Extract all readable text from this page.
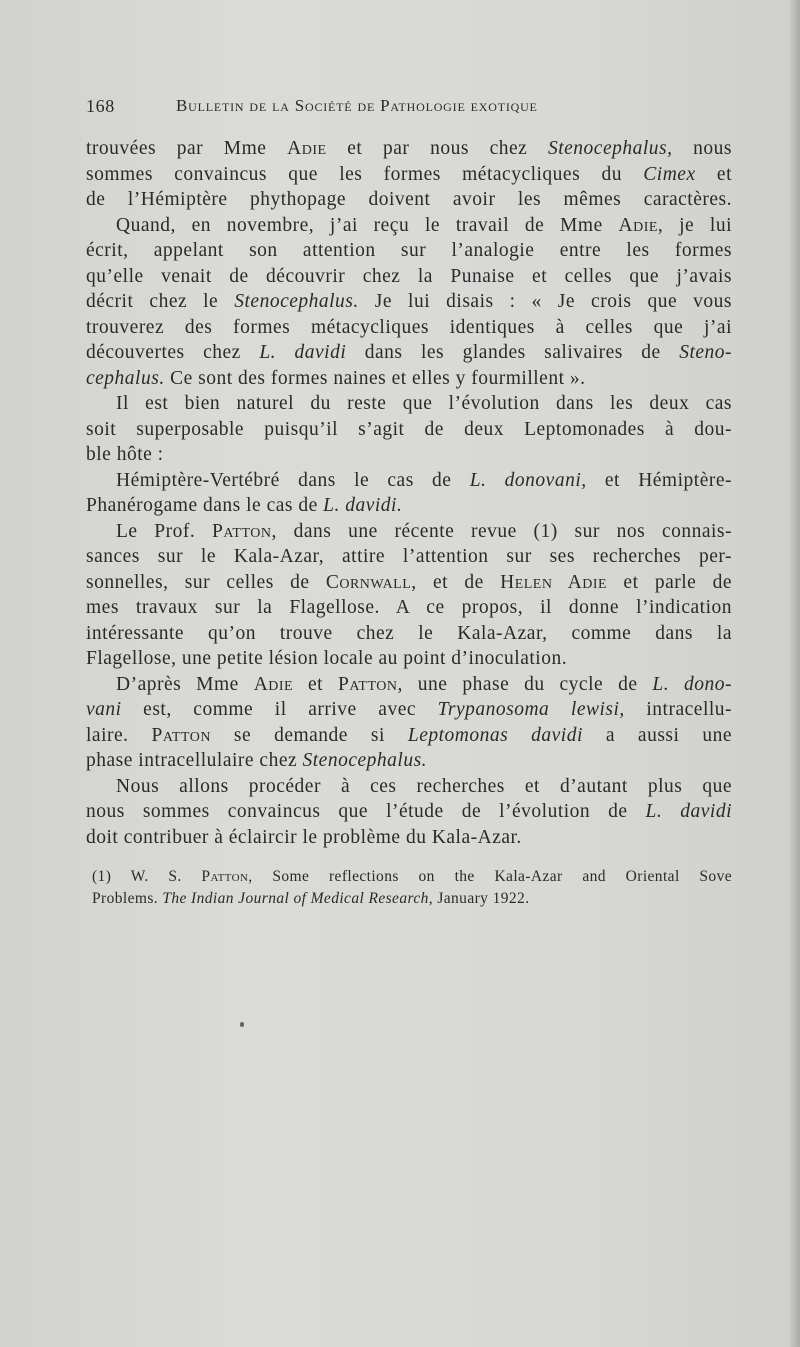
168	Bulletin de la Société de Pathologie exotique
trouvées par Mme Adie et par nous chez Stenocephalus, nous
sommes convaincus que les formes métacycliques du Cimex et
de l’Hémiptère phythopage doivent avoir les mêmes caractères.
Quand, en novembre, j’ai reçu le travail de Mme Adie, je lui
écrit, appelant son attention sur l’analogie entre les formes
qu’elle venait de découvrir chez la Punaise et celles que j’avais
décrit chez le Stenocephalus. Je lui disais : « Je crois que vous
trouverez des formes métacycliques identiques à celles que j’ai
découvertes chez L. davidi dans les glandes salivaires de Steno-
cephalus. Ce sont des formes naines et elles y fourmillent ».
Il est bien naturel du reste que l’évolution dans les deux cas
soit superposable puisqu’il s’agit de deux Leptomonades à dou-
ble hôte :
Hémiptère-Vertébré dans le cas de L. donovani, et Hémiptère-
Phanérogame dans le cas de L. davidi.
Le Prof. Patton, dans une récente revue (1) sur nos connais-
sances sur le Kala-Azar, attire l’attention sur ses recherches per-
sonnelles, sur celles de Cornwall, et de Helen Adie et parle de
mes travaux sur la Flagellose. A ce propos, il donne l’indication
intéressante qu’on trouve chez le Kala-Azar, comme dans la
Flagellose, une petite lésion locale au point d’inoculation.
D’après Mme Adie et Patton, une phase du cycle de L. dono-
vani est, comme il arrive avec Trypanosoma lewisi, intracellu-
laire. Patton se demande si Leptomonas davidi a aussi une
phase intracellulaire chez Stenocephalus.
Nous allons procéder à ces recherches et d’autant plus que
nous sommes convaincus que l’étude de l’évolution de L. davidi
doit contribuer à éclaircir le problème du Kala-Azar.
(1) W. S. Patton, Some reflections on the Kala-Azar and Oriental Sove
Problems. The Indian Journal of Medical Research, January 1922.
